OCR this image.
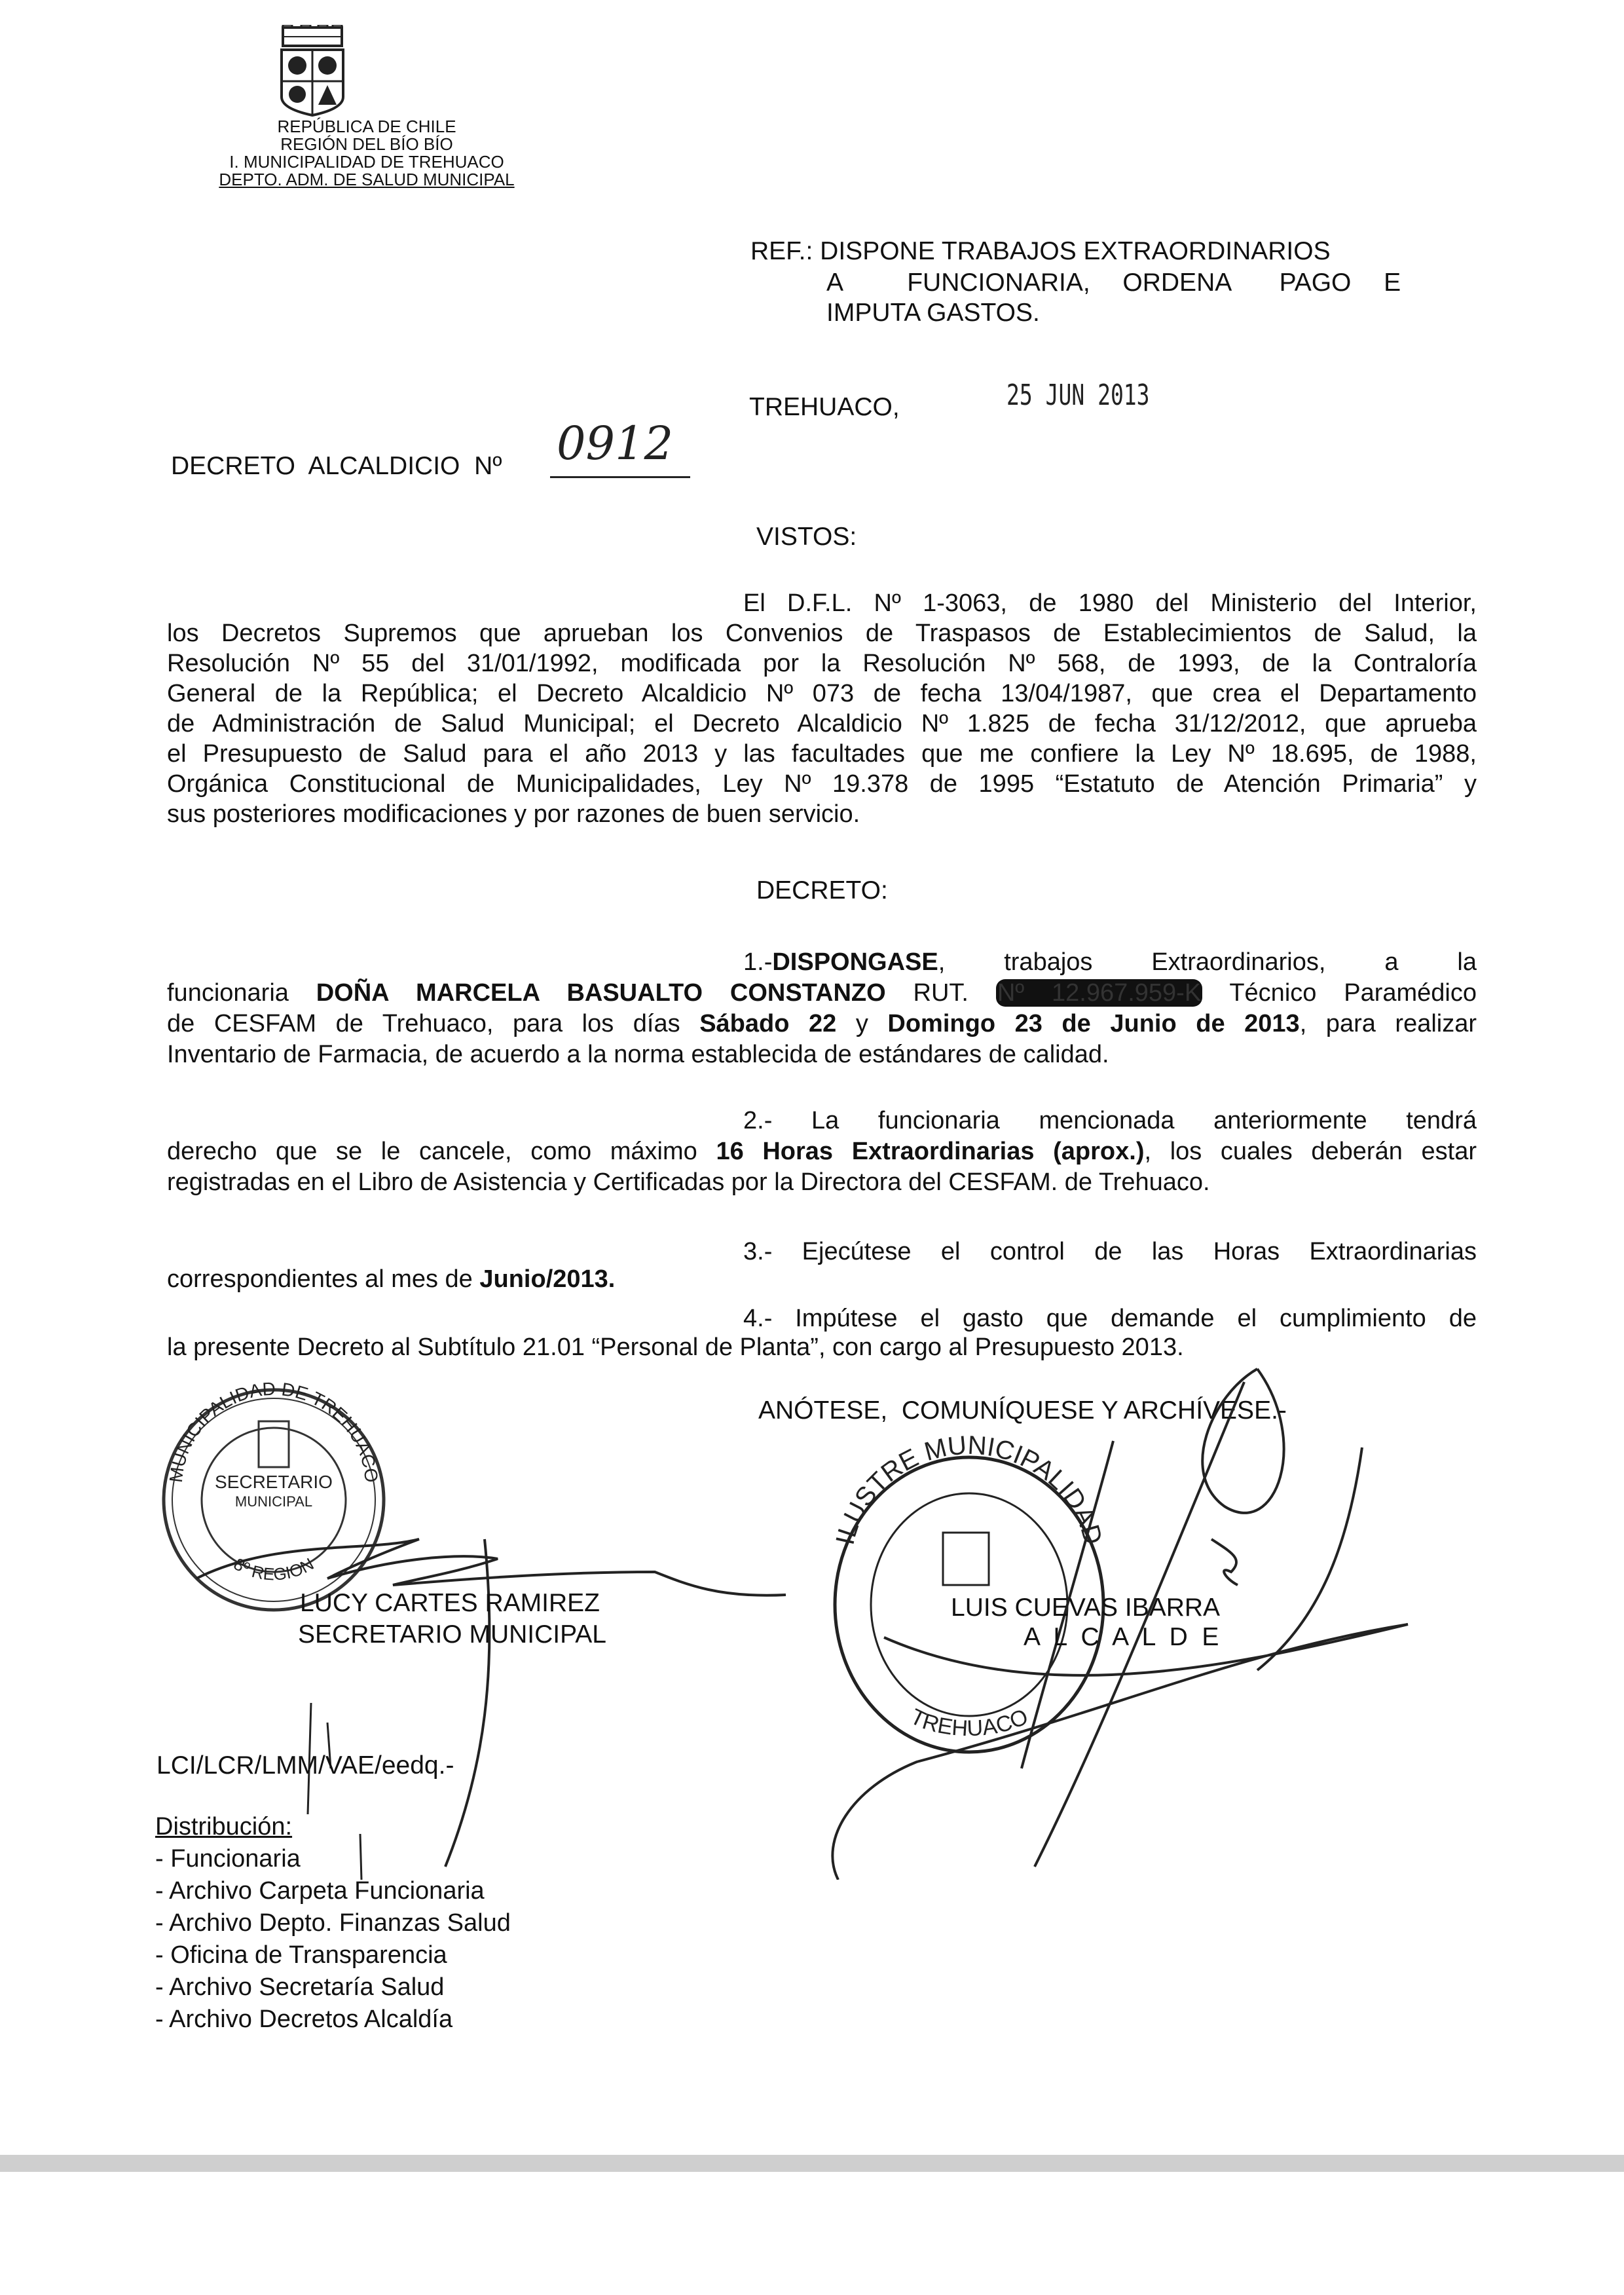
REPÚBLICA DE CHILE
REGIÓN DEL BÍO BÍO
I. MUNICIPALIDAD DE TREHUACO
DEPTO. ADM. DE SALUD MUNICIPAL
REF.: DISPONE TRABAJOS EXTRAORDINARIOS
A    FUNCIONARIA,  ORDENA   PAGO  E
IMPUTA GASTOS.
TREHUACO,	25 JUN 2013
DECRETO  ALCALDICIO  Nº 0912
VISTOS:
DECRETO:
El D.F.L. Nº 1-3063, de 1980 del Ministerio del Interior,
los Decretos Supremos que aprueban los Convenios de Traspasos de Establecimientos de Salud, la
Resolución Nº 55 del 31/01/1992, modificada por la Resolución Nº 568, de 1993, de la Contraloría
General de la República; el Decreto Alcaldicio Nº 073 de fecha 13/04/1987, que crea el Departamento
de Administración de Salud Municipal; el Decreto Alcaldicio Nº 1.825 de fecha 31/12/2012, que aprueba
el Presupuesto de Salud para el año 2013 y las facultades que me confiere la Ley Nº 18.695, de 1988,
Orgánica Constitucional de Municipalidades, Ley Nº 19.378 de 1995 “Estatuto de Atención Primaria” y
sus posteriores modificaciones y por razones de buen servicio.
1.-DISPONGASE, trabajos Extraordinarios, a la
funcionaria DOÑA MARCELA BASUALTO CONSTANZO RUT. Nº 12.967.959-K Técnico Paramédico
de CESFAM de Trehuaco, para los días Sábado 22 y Domingo 23 de Junio de 2013, para realizar
Inventario de Farmacia, de acuerdo a la norma establecida de estándares de calidad.
2.- La funcionaria mencionada anteriormente tendrá
derecho que se le cancele, como máximo 16 Horas Extraordinarias (aprox.), los cuales deberán estar
registradas en el Libro de Asistencia y Certificadas por la Directora del CESFAM. de Trehuaco.
3.- Ejecútese el control de las Horas Extraordinarias
correspondientes al mes de Junio/2013.
4.- Impútese el gasto que demande el cumplimiento de
la presente Decreto al Subtítulo 21.01 “Personal de Planta”, con cargo al Presupuesto 2013.
ANÓTESE,  COMUNÍQUESE Y ARCHÍVESE.-
MUNICIPALIDAD DE TREHUACO
SECRETARIO
MUNICIPAL
8º REGION
ILUSTRE MUNICIPALIDAD
TREHUACO
LUCY CARTES RAMIREZ
SECRETARIO MUNICIPAL
LUIS CUEVAS IBARRA
A  L  C  A  L  D  E
LCI/LCR/LMM/VAE/eedq.-
Distribución:
- Funcionaria
- Archivo Carpeta Funcionaria
- Archivo Depto. Finanzas Salud
- Oficina de Transparencia
- Archivo Secretaría Salud
- Archivo Decretos Alcaldía
